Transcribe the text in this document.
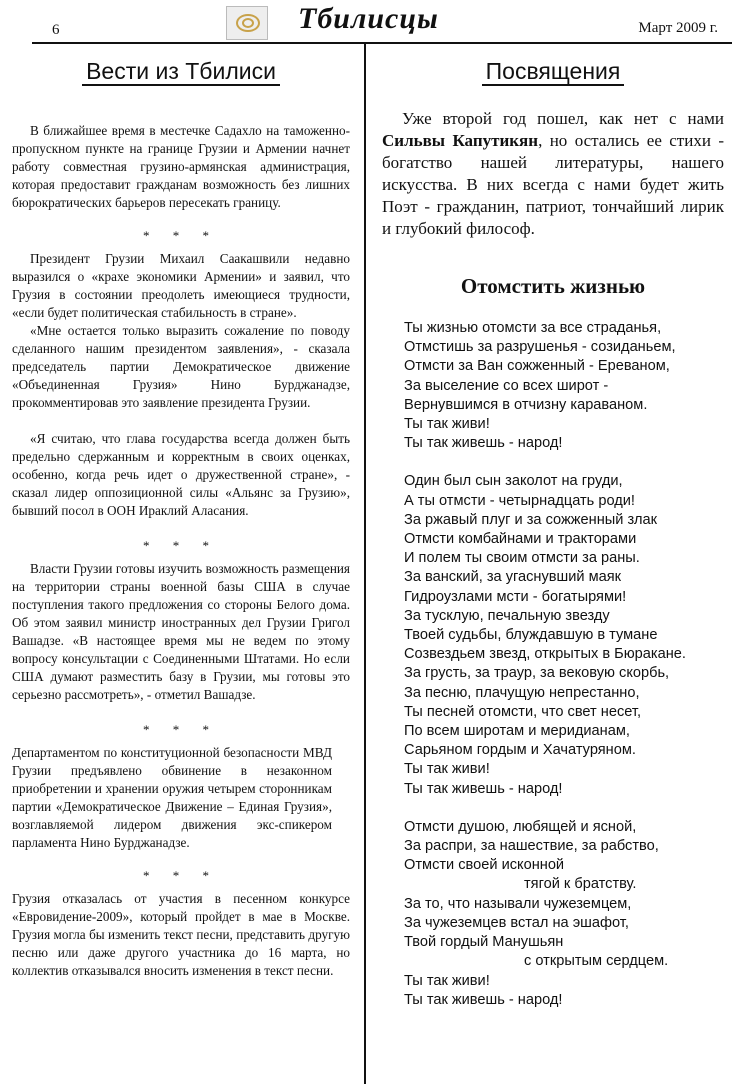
6	Тбилисцы	Март 2009 г.
Вести из Тбилиси

В ближайшее время в местечке Садахло на таможенно-пропускном пункте на границе Грузии и Армении начнет работу совместная грузино-армянская администрация, которая предоставит гражданам возможность без лишних бюрократических барьеров пересекать границу.

* * *

Президент Грузии Михаил Саакашвили недавно выразился о «крахе экономики Армении» и заявил, что Грузия в состоянии преодолеть имеющиеся трудности, «если будет политическая стабильность в стране».

«Мне остается только выразить сожаление по поводу сделанного нашим президентом заявления», - сказала председатель партии Демократическое движение «Объединенная Грузия» Нино Бурджанадзе, прокомментировав это заявление президента Грузии.

«Я считаю, что глава государства всегда должен быть предельно сдержанным и корректным в своих оценках, особенно, когда речь идет о дружественной стране», - сказал лидер оппозиционной силы «Альянс за Грузию», бывший посол в ООН Ираклий Аласания.

* * *

Власти Грузии готовы изучить возможность размещения на территории страны военной базы США в случае поступления такого предложения со стороны Белого дома. Об этом заявил министр иностранных дел Грузии Григол Вашадзе. «В настоящее время мы не ведем по этому вопросу консультации с Соединенными Штатами. Но если США думают разместить базу в Грузии, мы готовы это серьезно рассмотреть», - отметил Вашадзе.

* * *

Департаментом по конституционной безопасности МВД Грузии предъявлено обвинение в незаконном приобретении и хранении оружия четырем сторонникам партии «Демократическое Движение – Единая Грузия», возглавляемой лидером движения экс-спикером парламента Нино Бурджанадзе.

* * *

Грузия отказалась от участия в песенном конкурсе «Евровидение-2009», который пройдет в мае в Москве. Грузия могла бы изменить текст песни, представить другую песню или даже другого участника до 16 марта, но коллектив отказывался вносить изменения в текст песни.

Посвящения

Уже второй год пошел, как нет с нами Сильвы Капутикян, но остались ее стихи - богатство нашей литературы, нашего искусства. В них всегда с нами будет жить Поэт - гражданин, патриот, тончайший лирик и глубокий философ.

Отомстить жизнью
Ты жизнью отомсти за все страданья,
Отмстишь за разрушенья - созиданьем,
Отмсти за Ван сожженный - Ереваном,
За выселение со всех широт -
Вернувшимся в отчизну караваном.
Ты так живи!
Ты так живешь - народ!
Один был сын заколот на груди,
А ты отмсти - четырнадцать роди!
За ржавый плуг и за сожженный злак
Отмсти комбайнами и тракторами
И полем ты своим отмсти за раны.
За ванский, за угаснувший маяк
Гидроузлами мсти - богатырями!
За тусклую, печальную звезду
Твоей судьбы, блуждавшую в тумане
Созвездьем звезд, открытых в Бюракане.
За грусть, за траур, за вековую скорбь,
За песню, плачущую непрестанно,
Ты песней отомсти, что свет несет,
По всем широтам и меридианам,
Сарьяном гордым и Хачатуряном.
Ты так живи!
Ты так живешь - народ!
Отмсти душою, любящей и ясной,
За распри, за нашествие, за рабство,
Отмсти своей исконной
тягой к братству.
За то, что называли чужеземцем,
За чужеземцев встал на эшафот,
Твой гордый Манушьян
с открытым сердцем.
Ты так живи!
Ты так живешь - народ!
